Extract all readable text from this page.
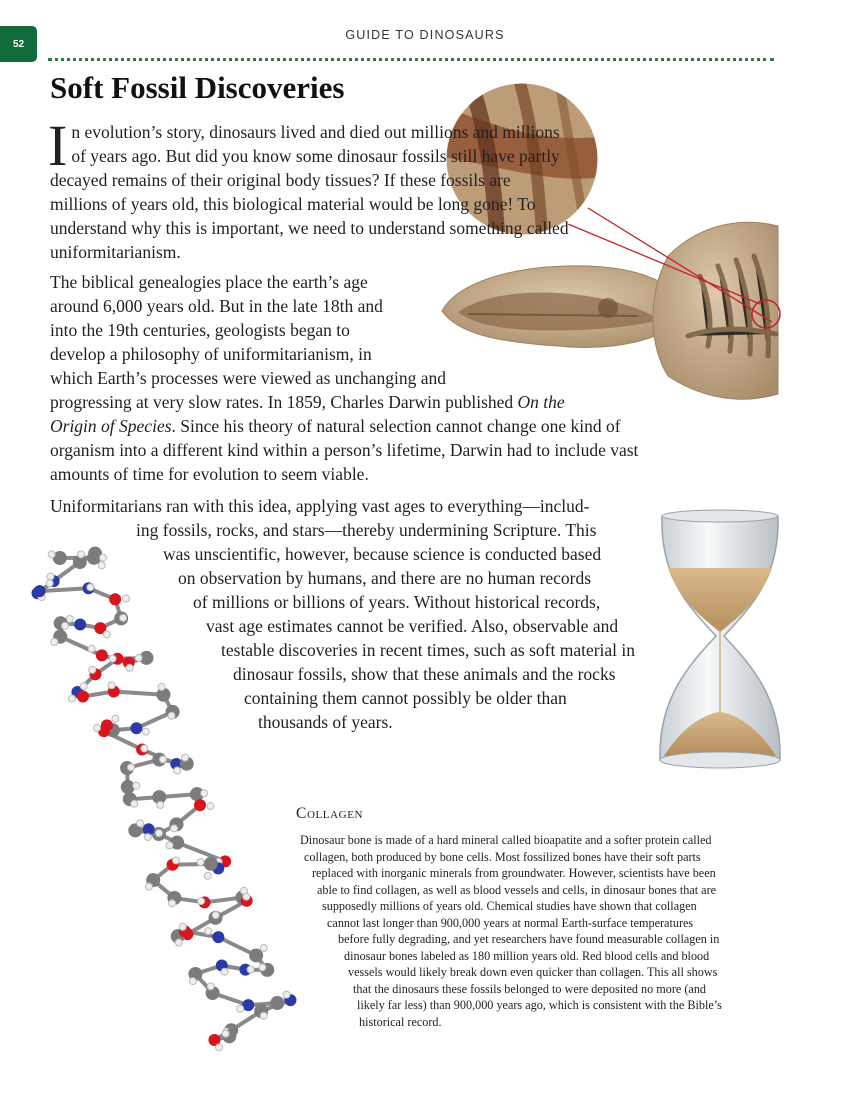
52
GUIDE TO DINOSAURS
Soft Fossil Discoveries
In evolution’s story, dinosaurs lived and died out millions and millions of years ago. But did you know some dinosaur fossils still have partly decayed remains of their original body tissues? If these fossils are millions of years old, this biological material would be long gone! To understand why this is important, we need to understand something called uniformitarianism.
The biblical genealogies place the earth’s age
around 6,000 years old. But in the late 18th and
into the 19th centuries, geologists began to
develop a philosophy of uniformitarianism, in
which Earth’s processes were viewed as unchanging and
progressing at very slow rates. In 1859, Charles Darwin published On the
Origin of Species. Since his theory of natural selection cannot change one kind of
organism into a different kind within a person’s lifetime, Darwin had to include vast
amounts of time for evolution to seem viable.
Uniformitarians ran with this idea, applying vast ages to everything—includ-
ing fossils, rocks, and stars—thereby undermining Scripture. This
was unscientific, however, because science is conducted based
on observation by humans, and there are no human records
of millions or billions of years. Without historical records,
vast age estimates cannot be verified. Also, observable and
testable discoveries in recent times, such as soft material in
dinosaur fossils, show that these animals and the rocks
containing them cannot possibly be older than
thousands of years.
Collagen
Dinosaur bone is made of a hard mineral called bioapatite and a softer protein called
collagen, both produced by bone cells. Most fossilized bones have their soft parts
replaced with inorganic minerals from groundwater. However, scientists have been
able to find collagen, as well as blood vessels and cells, in dinosaur bones that are
supposedly millions of years old. Chemical studies have shown that collagen
cannot last longer than 900,000 years at normal Earth-surface temperatures
before fully degrading, and yet researchers have found measurable collagen in
dinosaur bones labeled as 180 million years old. Red blood cells and blood
vessels would likely break down even quicker than collagen. This all shows
that the dinosaurs these fossils belonged to were deposited no more (and
likely far less) than 900,000 years ago, which is consistent with the Bible’s
historical record.
